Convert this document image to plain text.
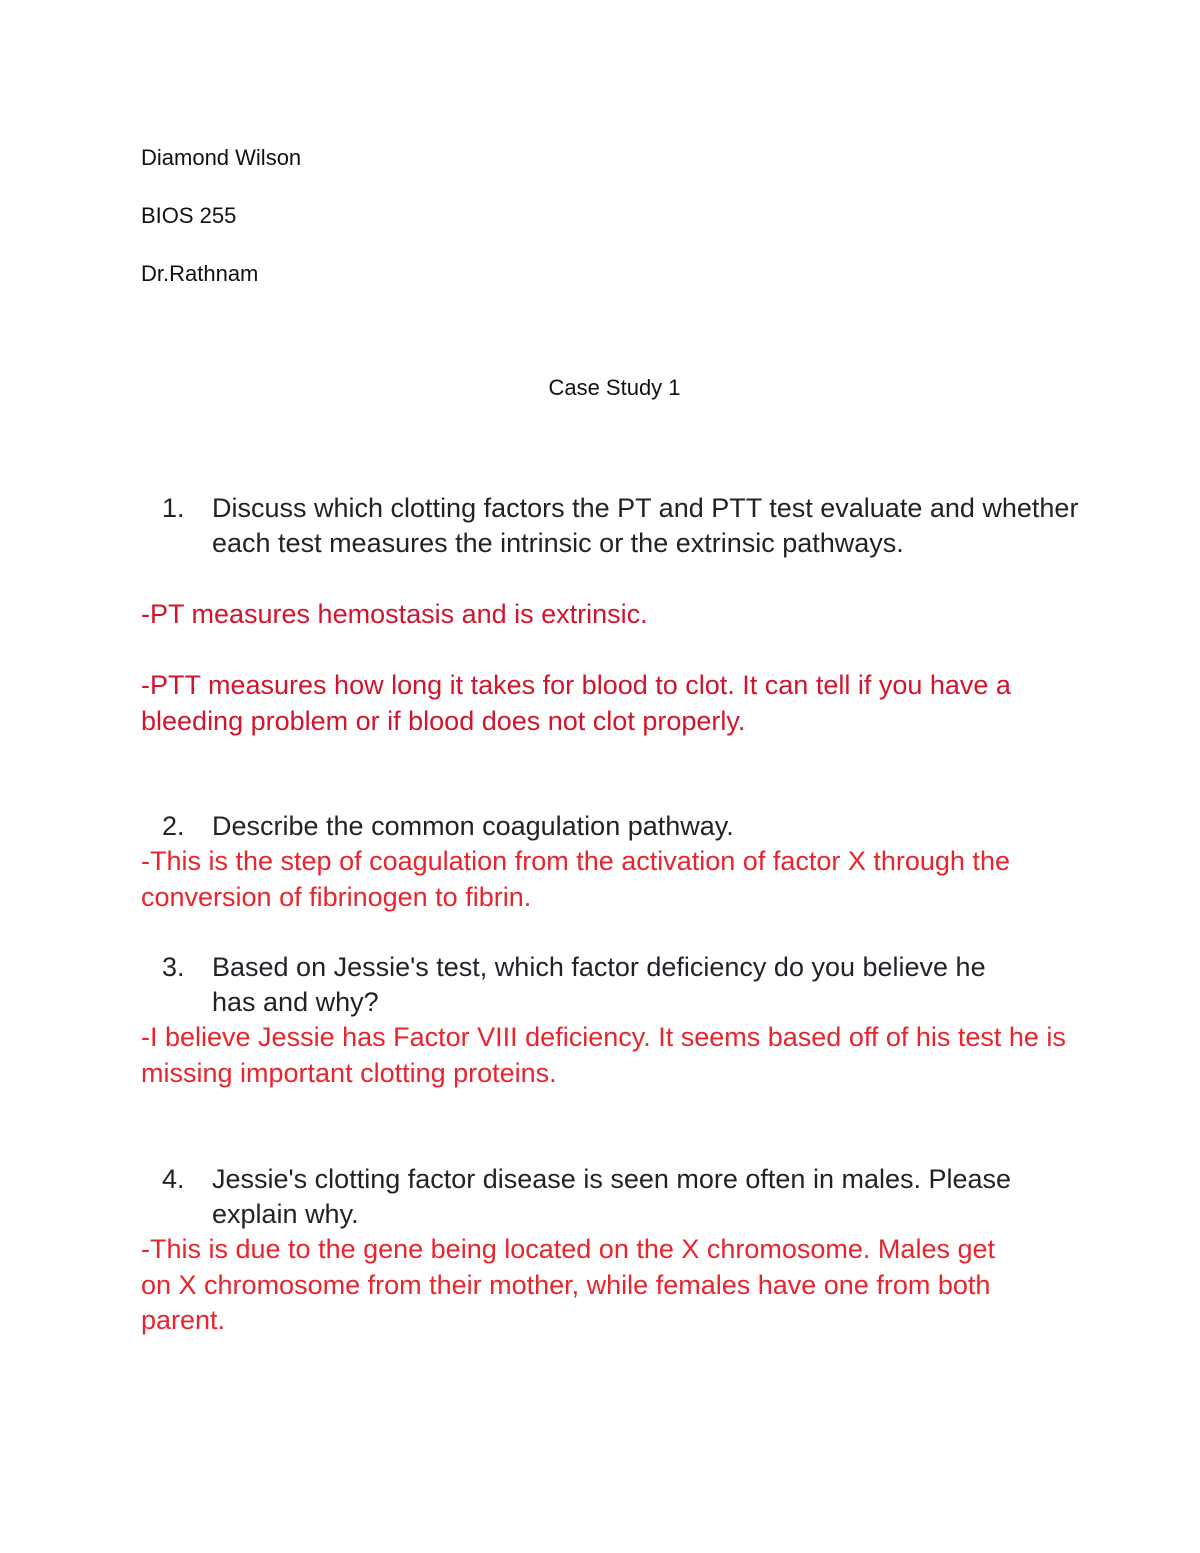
Diamond Wilson
BIOS 255
Dr.Rathnam
Case Study 1
1. Discuss which clotting factors the PT and PTT test evaluate and whether each test measures the intrinsic or the extrinsic pathways.
-PT measures hemostasis and is extrinsic.
-PTT measures how long it takes for blood to clot. It can tell if you have a bleeding problem or if blood does not clot properly.
2. Describe the common coagulation pathway.
-This is the step of coagulation from the activation of factor X through the conversion of fibrinogen to fibrin.
3. Based on Jessie's test, which factor deficiency do you believe he has and why?
-I believe Jessie has Factor VIII deficiency. It seems based off of his test he is missing important clotting proteins.
4. Jessie's clotting factor disease is seen more often in males. Please explain why.
-This is due to the gene being located on the X chromosome. Males get on X chromosome from their mother, while females have one from both parent.
